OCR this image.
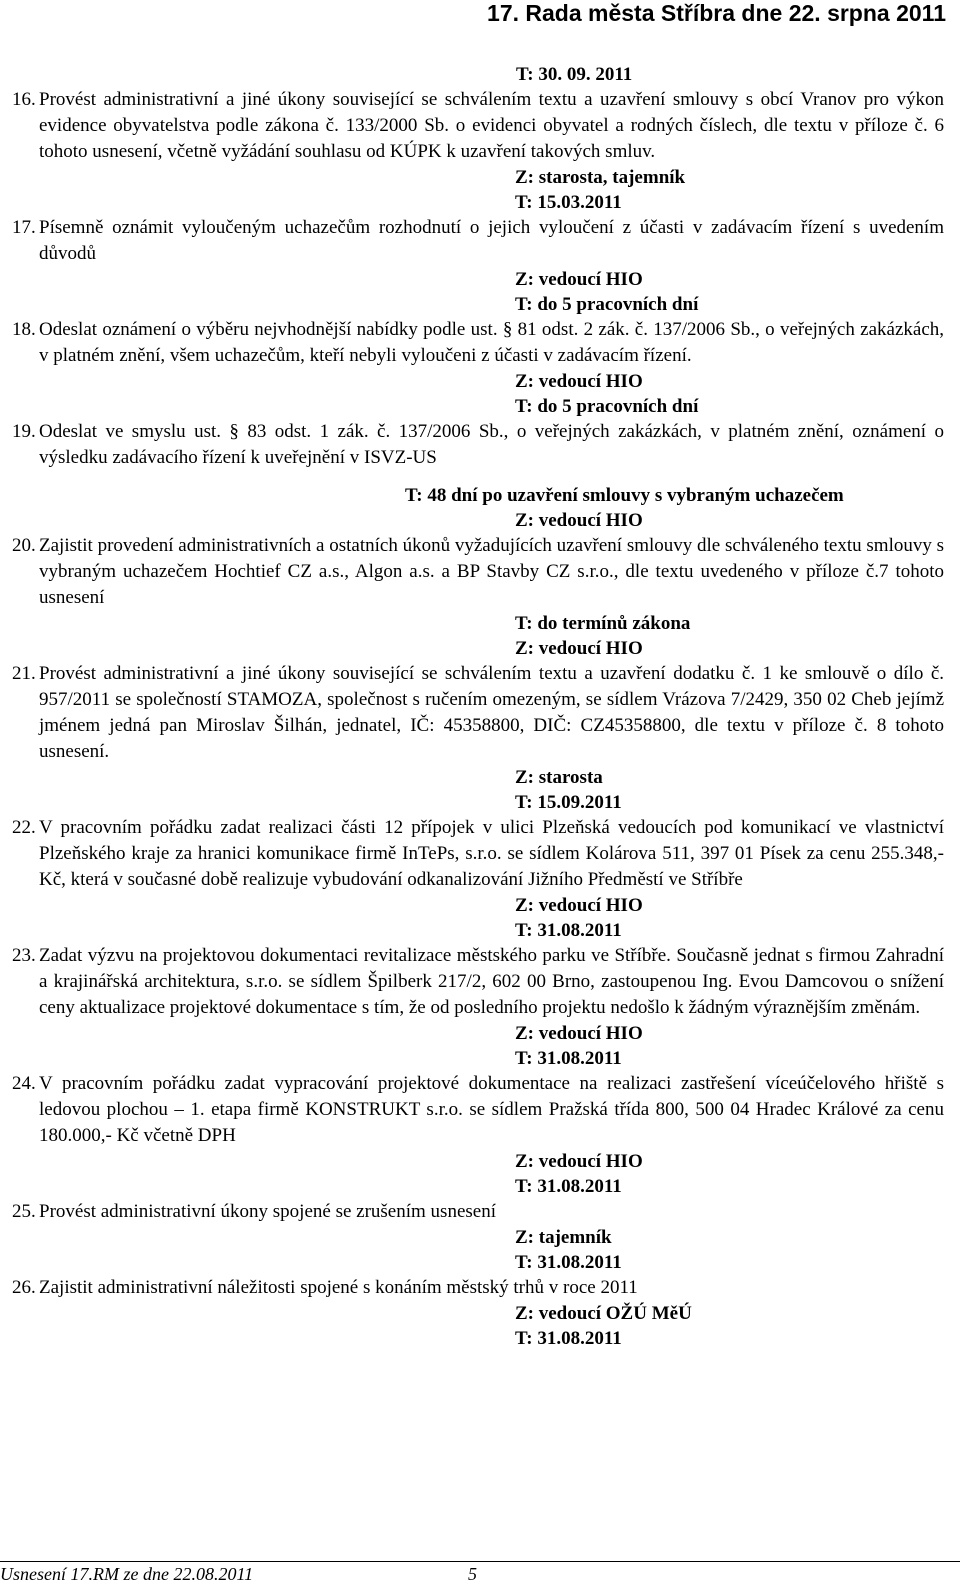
17. Rada města Stříbra dne 22. srpna 2011
T: 30. 09. 2011
16. Provést administrativní a jiné úkony související se schválením textu a uzavření smlouvy s obcí Vranov pro výkon evidence obyvatelstva podle zákona č. 133/2000 Sb. o evidenci obyvatel a rodných číslech, dle textu v příloze č. 6 tohoto usnesení, včetně vyžádání souhlasu od KÚPK k uzavření takových smluv.
Z: starosta, tajemník
T: 15.03.2011
17. Písemně oznámit vyloučeným uchazečům rozhodnutí o jejich vyloučení z účasti v zadávacím řízení s uvedením důvodů
Z: vedoucí HIO
T: do 5 pracovních dní
18. Odeslat oznámení o výběru nejvhodnější nabídky podle ust. § 81 odst. 2 zák. č. 137/2006 Sb., o veřejných zakázkách, v platném znění, všem uchazečům, kteří nebyli vyloučeni z účasti v zadávacím řízení.
Z: vedoucí HIO
T: do 5 pracovních dní
19. Odeslat ve smyslu ust. § 83 odst. 1 zák. č. 137/2006 Sb., o veřejných zakázkách, v platném znění, oznámení o výsledku zadávacího řízení k uveřejnění v ISVZ-US
T: 48 dní po uzavření smlouvy s vybraným uchazečem
Z: vedoucí HIO
20. Zajistit provedení administrativních a ostatních úkonů vyžadujících uzavření smlouvy dle schváleného textu smlouvy s vybraným uchazečem Hochtief CZ a.s., Algon a.s. a BP Stavby CZ s.r.o., dle textu uvedeného v příloze č.7 tohoto usnesení
T: do termínů zákona
Z: vedoucí HIO
21. Provést administrativní a jiné úkony související se schválením textu a uzavření dodatku č. 1 ke smlouvě o dílo č. 957/2011 se společností STAMOZA, společnost s ručením omezeným, se sídlem Vrázova 7/2429, 350 02 Cheb jejímž jménem jedná pan Miroslav Šilhán, jednatel, IČ: 45358800, DIČ: CZ45358800, dle textu v příloze č. 8 tohoto usnesení.
Z: starosta
T: 15.09.2011
22. V pracovním pořádku zadat realizaci části 12 přípojek v ulici Plzeňská vedoucích pod komunikací ve vlastnictví Plzeňského kraje za hranici komunikace firmě InTePs, s.r.o. se sídlem Kolárova 511, 397 01 Písek za cenu 255.348,- Kč, která v současné době realizuje vybudování odkanalizování Jižního Předměstí ve Stříbře
Z: vedoucí HIO
T: 31.08.2011
23. Zadat výzvu na projektovou dokumentaci revitalizace městského parku ve Stříbře. Současně jednat s firmou Zahradní a krajinářská architektura, s.r.o. se sídlem Špilberk 217/2, 602 00 Brno, zastoupenou Ing. Evou Damcovou o snížení ceny aktualizace projektové dokumentace s tím, že od posledního projektu nedošlo k žádným výraznějším změnám.
Z: vedoucí HIO
T: 31.08.2011
24. V pracovním pořádku zadat vypracování projektové dokumentace na realizaci zastřešení víceúčelového hřiště s ledovou plochou – 1. etapa firmě KONSTRUKT s.r.o. se sídlem Pražská třída 800, 500 04 Hradec Králové za cenu 180.000,- Kč včetně DPH
Z: vedoucí HIO
T: 31.08.2011
25. Provést administrativní úkony spojené se zrušením usnesení
Z: tajemník
T: 31.08.2011
26. Zajistit administrativní náležitosti spojené s konáním městský trhů v roce 2011
Z: vedoucí OŽÚ MěÚ
T: 31.08.2011
Usnesení 17.RM ze dne 22.08.2011	5
